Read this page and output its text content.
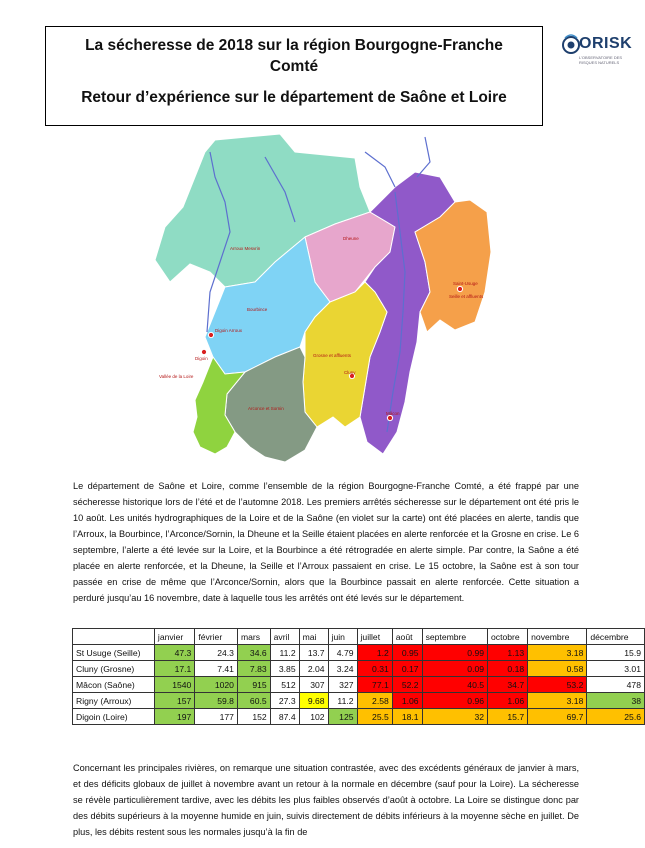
La sécheresse de 2018 sur la région Bourgogne-Franche
Comté
Retour d’expérience sur le département de Saône et Loire
ORISK
L’OBSERVATOIRE DES RISQUES NATURELS
Arroux Mesvrin
Bourbince
Dheune
Saint-Usuge
Seille et affluents
Digoin Arroux
Digoin
Vallée de la Loire
Grosne et affluents
Cluny
Arconce et Sornin
Mâcon
Le département de Saône et Loire, comme l’ensemble de la région Bourgogne-Franche Comté, a été frappé par une sécheresse historique lors de l’été et de l’automne 2018. Les premiers arrêtés sécheresse sur le département ont été pris le 10 août. Les unités hydrographiques de la Loire et de la Saône (en violet sur la carte) ont été placées en alerte, tandis que l’Arroux, la Bourbince, l’Arconce/Sornin, la Dheune et la Seille étaient placées en alerte renforcée et la Grosne en crise. Le 6 septembre, l’alerte a été levée sur la Loire, et la Bourbince a été rétrogradée en alerte simple. Par contre, la Saône a été placée en alerte renforcée, et la Dheune, la Seille et l’Arroux passaient en crise. Le 15 octobre, la Saône est à son tour passée en crise de même que l’Arconce/Sornin, alors que la Bourbince passait en alerte renforcée. Cette situation a perduré jusqu’au 16 novembre, date à laquelle tous les arrêtés ont été levés sur le département.
	janvier	février	mars	avril	mai	juin	juillet	août	septembre	octobre	novembre	décembre
St Usuge (Seille)	47.3	24.3	34.6	11.2	13.7	4.79	1.2	0.95	0.99	1.13	3.18	15.9
Cluny (Grosne)	17.1	7.41	7.83	3.85	2.04	3.24	0.31	0.17	0.09	0.18	0.58	3.01
Mâcon (Saône)	1540	1020	915	512	307	327	77.1	52.2	40.5	34.7	53.2	478
Rigny (Arroux)	157	59.8	60.5	27.3	9.68	11.2	2.58	1.06	0.96	1.06	3.18	38
Digoin (Loire)	197	177	152	87.4	102	125	25.5	18.1	32	15.7	69.7	25.6
Concernant les principales rivières, on remarque une situation contrastée, avec des excédents généraux de janvier à mars, et des déficits globaux de juillet à novembre avant un retour à la normale en décembre (sauf pour la Loire). La sécheresse se révèle particulièrement tardive, avec les débits les plus faibles observés d’août à octobre. La Loire se distingue donc par des débits supérieurs à la moyenne humide en juin, suivis directement de débits inférieurs à la moyenne sèche en juillet. De plus, les débits restent sous les normales jusqu’à la fin de
